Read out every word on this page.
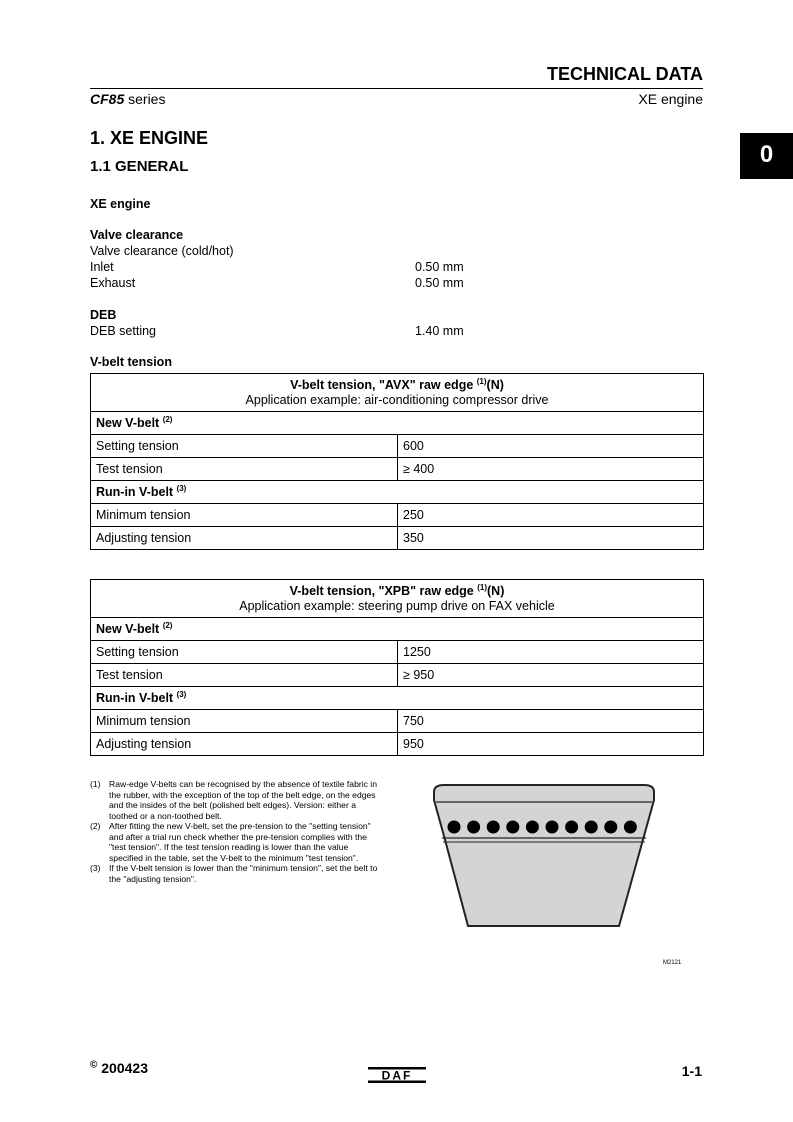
TECHNICAL DATA
CF85 series	XE engine
0
1. XE ENGINE
1.1 GENERAL
XE engine
Valve clearance
Valve clearance (cold/hot)
Inlet	0.50 mm
Exhaust	0.50 mm
DEB
DEB setting	1.40 mm
V-belt tension
V-belt tension, "AVX" raw edge $^{(1)}$(N)
Application example: air-conditioning compressor drive	
New V-belt $^{(2)}$
Setting tension	600
Test tension	≥ 400
Run-in V-belt $^{(3)}$
Minimum tension	250
Adjusting tension	350
V-belt tension, "XPB" raw edge $^{(1)}$(N)
Application example: steering pump drive on FAX vehicle	
New V-belt $^{(2)}$
Setting tension	1250
Test tension	≥ 950
Run-in V-belt $^{(3)}$
Minimum tension	750
Adjusting tension	950
(1) Raw-edge V-belts can be recognised by the absence of textile fabric in the rubber, with the exception of the top of the belt edge, on the edges and the insides of the belt (polished belt edges). Version: either a toothed or a non-toothed belt.
(2) After fitting the new V-belt, set the pre-tension to the "setting tension" and after a trial run check whether the pre-tension complies with the "test tension". If the test tension reading is lower than the value specified in the table, set the V-belt to the minimum "test tension".
(3) If the V-belt tension is lower than the "minimum tension", set the belt to the "adjusting tension".
M2121
© 200423	DAF	1-1
